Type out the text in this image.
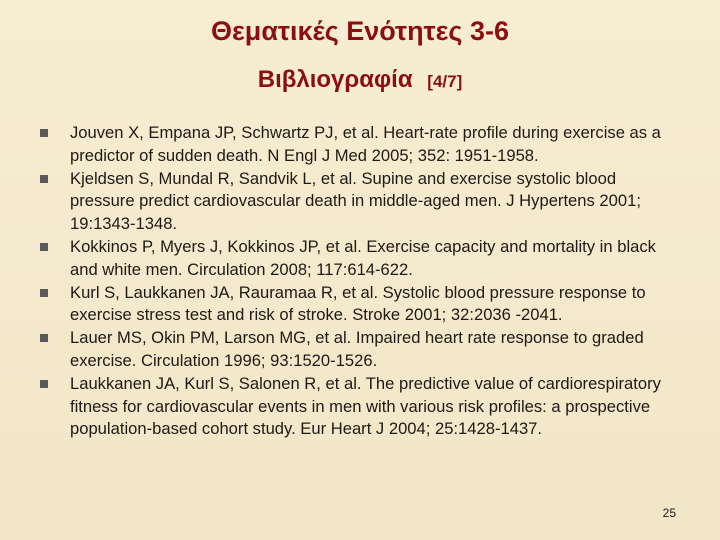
Θεματικές Ενότητες 3-6
Βιβλιογραφία [4/7]
Jouven X, Empana JP, Schwartz PJ, et al. Heart-rate profile during exercise as a predictor of sudden death. N Engl J Med 2005; 352: 1951-1958.
Kjeldsen S, Mundal R, Sandvik L, et al. Supine and exercise systolic blood pressure predict cardiovascular death in middle-aged men. J Hypertens 2001; 19:1343-1348.
Kokkinos P, Myers J, Kokkinos JP, et al. Exercise capacity and mortality in black and white men. Circulation 2008; 117:614-622.
Kurl S, Laukkanen JA, Rauramaa R, et al. Systolic blood pressure response to exercise stress test and risk of stroke. Stroke 2001; 32:2036 -2041.
Lauer MS, Okin PM, Larson MG, et al. Impaired heart rate response to graded exercise. Circulation 1996; 93:1520-1526.
Laukkanen JA, Kurl S, Salonen R, et al. The predictive value of cardiorespiratory fitness for cardiovascular events in men with various risk profiles: a prospective population-based cohort study. Eur Heart J 2004; 25:1428-1437.
25
